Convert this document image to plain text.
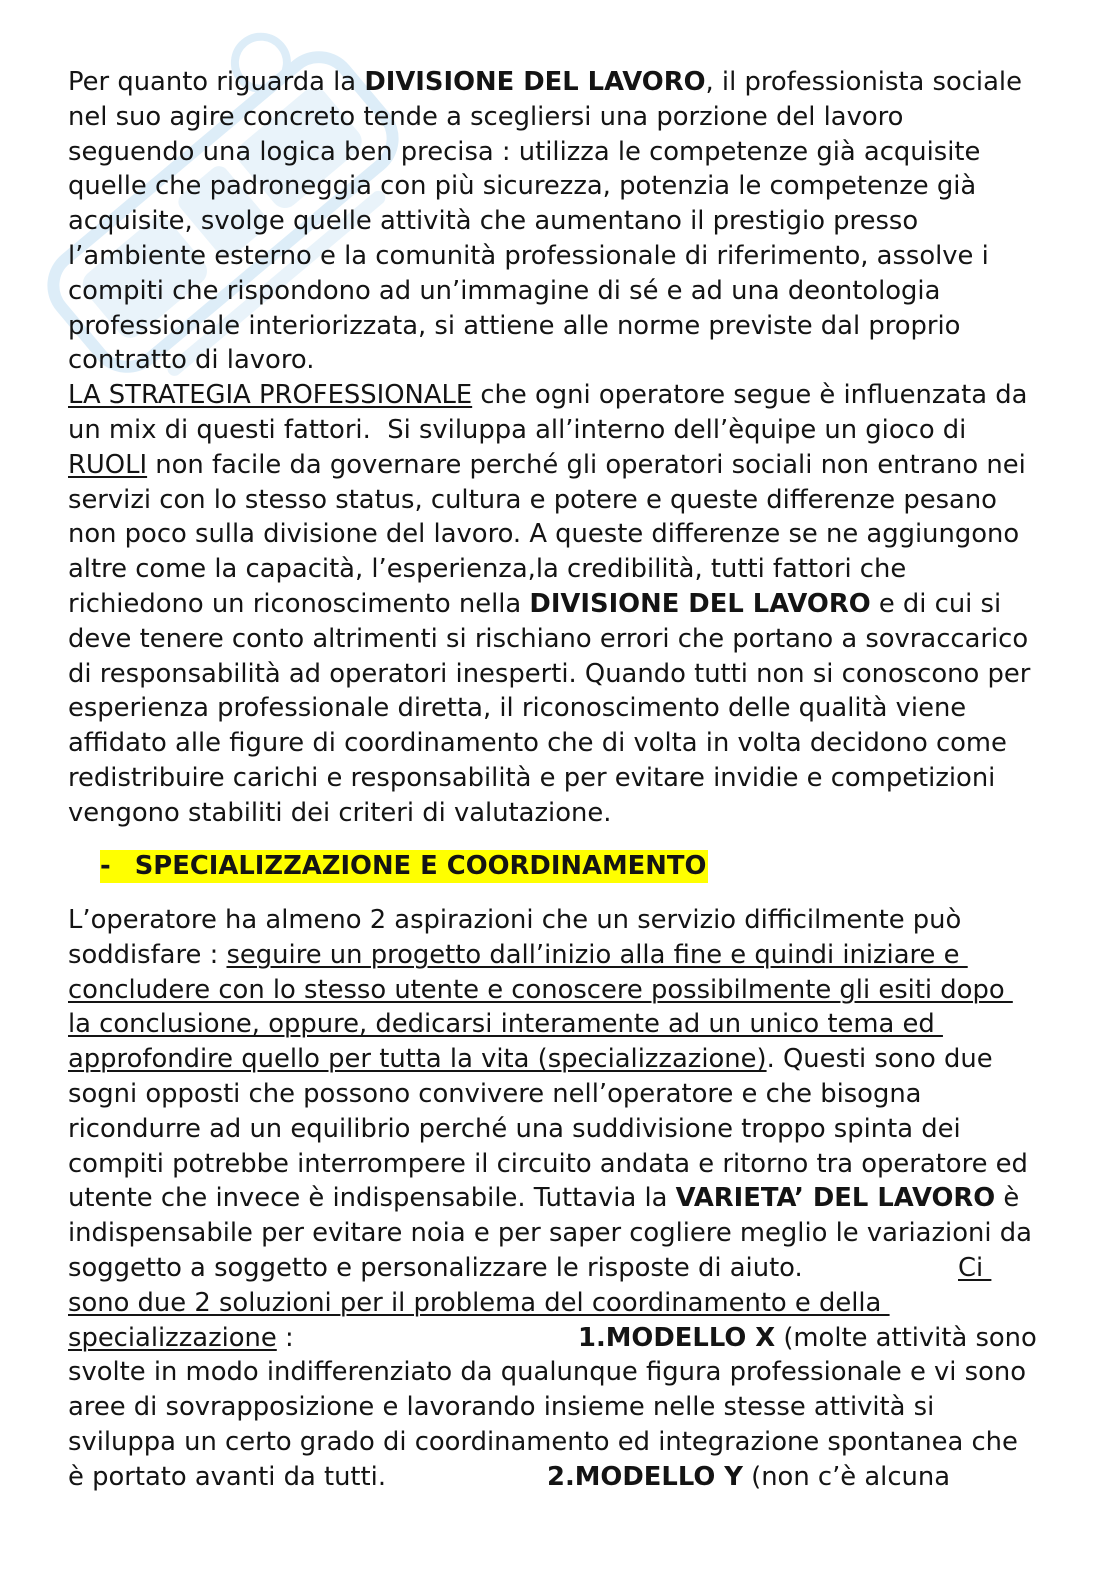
Per quanto riguarda la DIVISIONE DEL LAVORO, il professionista sociale
nel suo agire concreto tende a scegliersi una porzione del lavoro
seguendo una logica ben precisa : utilizza le competenze già acquisite
quelle che padroneggia con più sicurezza, potenzia le competenze già
acquisite, svolge quelle attività che aumentano il prestigio presso
l’ambiente esterno e la comunità professionale di riferimento, assolve i
compiti che rispondono ad un’immagine di sé e ad una deontologia
professionale interiorizzata, si attiene alle norme previste dal proprio
contratto di lavoro.
LA STRATEGIA PROFESSIONALE che ogni operatore segue è influenzata da
un mix di questi fattori.  Si sviluppa all’interno dell’èquipe un gioco di
RUOLI non facile da governare perché gli operatori sociali non entrano nei
servizi con lo stesso status, cultura e potere e queste differenze pesano
non poco sulla divisione del lavoro. A queste differenze se ne aggiungono
altre come la capacità, l’esperienza,la credibilità, tutti fattori che
richiedono un riconoscimento nella DIVISIONE DEL LAVORO e di cui si
deve tenere conto altrimenti si rischiano errori che portano a sovraccarico
di responsabilità ad operatori inesperti. Quando tutti non si conoscono per
esperienza professionale diretta, il riconoscimento delle qualità viene
affidato alle figure di coordinamento che di volta in volta decidono come
redistribuire carichi e responsabilità e per evitare invidie e competizioni
vengono stabiliti dei criteri di valutazione.
- SPECIALIZZAZIONE E COORDINAMENTO
L’operatore ha almeno 2 aspirazioni che un servizio difficilmente può
soddisfare : seguire un progetto dall’inizio alla fine e quindi iniziare e
concludere con lo stesso utente e conoscere possibilmente gli esiti dopo
la conclusione, oppure, dedicarsi interamente ad un unico tema ed
approfondire quello per tutta la vita (specializzazione). Questi sono due
sogni opposti che possono convivere nell’operatore e che bisogna
ricondurre ad un equilibrio perché una suddivisione troppo spinta dei
compiti potrebbe interrompere il circuito andata e ritorno tra operatore ed
utente che invece è indispensabile. Tuttavia la VARIETA’ DEL LAVORO è
indispensabile per evitare noia e per saper cogliere meglio le variazioni da
soggetto a soggetto e personalizzare le risposte di aiuto.	Ci
sono due 2 soluzioni per il problema del coordinamento e della
specializzazione :	1.MODELLO X (molte attività sono
svolte in modo indifferenziato da qualunque figura professionale e vi sono
aree di sovrapposizione e lavorando insieme nelle stesse attività si
sviluppa un certo grado di coordinamento ed integrazione spontanea che
è portato avanti da tutti.	2.MODELLO Y (non c’è alcuna
